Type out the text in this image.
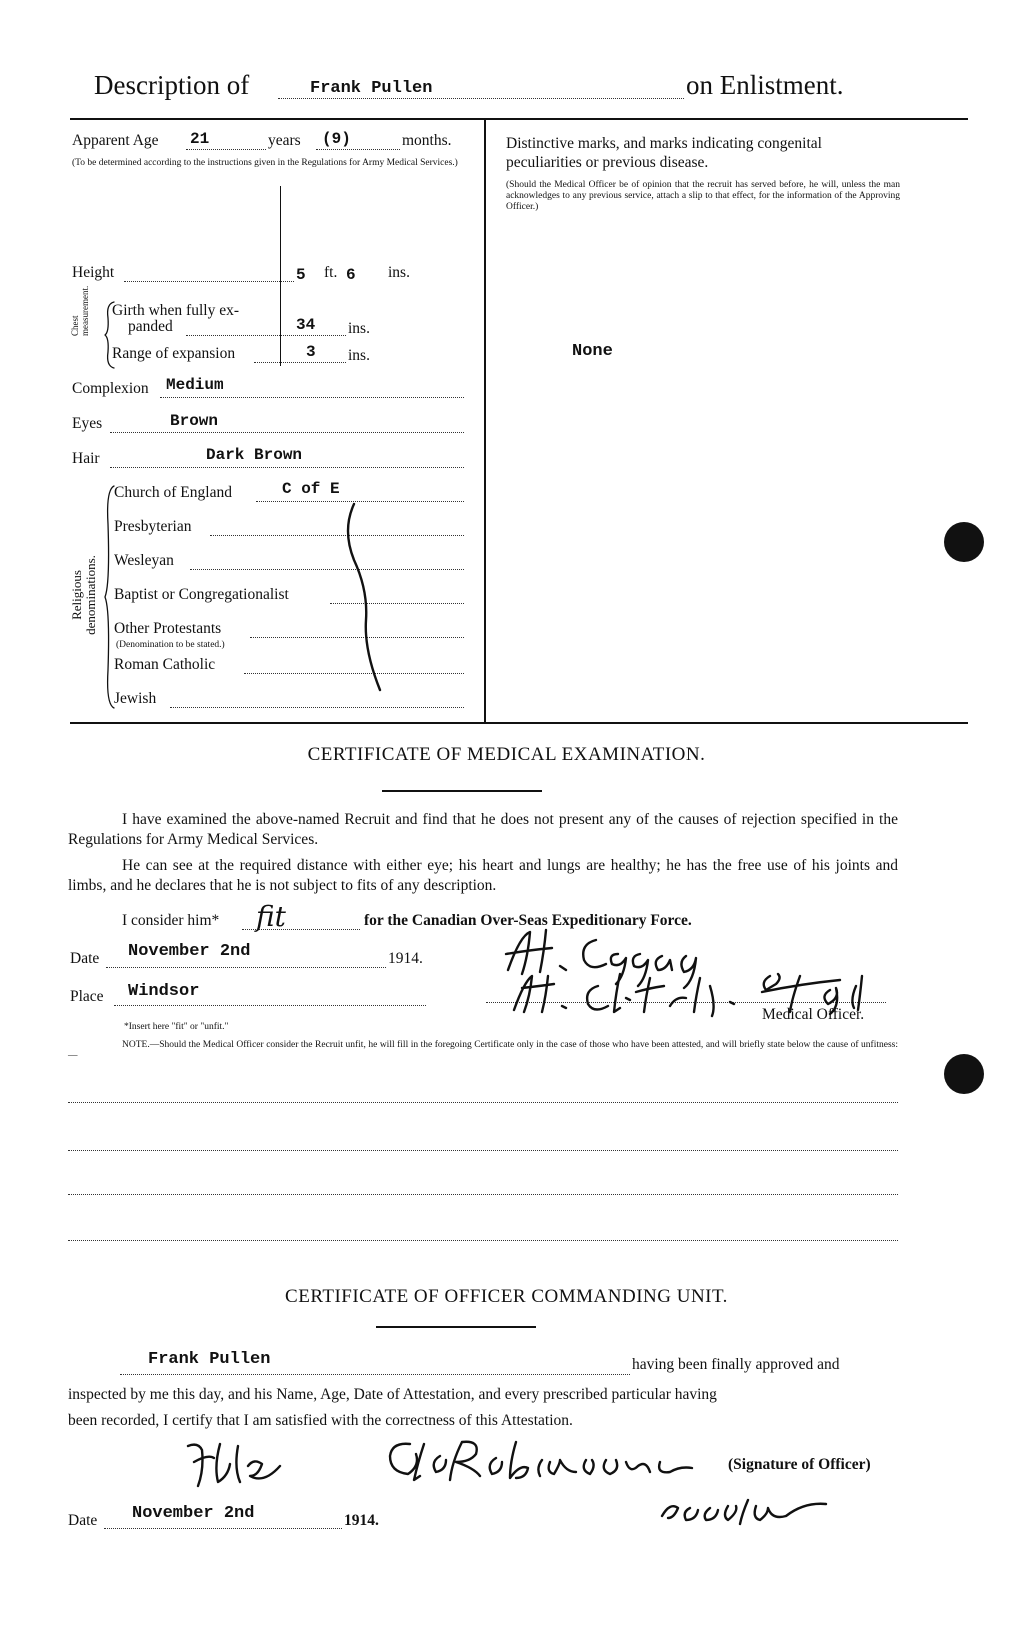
Description of	Frank Pullen	on Enlistment.
Apparent Age 21	years (9)	months.
(To be determined according to the instructions given in the Regulations for Army Medical Services.)
Height	5 ft. 6 ins.
Chest measurement. Girth when fully ex-
panded	34 ins.
Range of expansion	3 ins.
Complexion Medium
Eyes	Brown
Hair	Dark Brown
Religious denominations.
Church of England	C of E
Presbyterian
Wesleyan
Baptist or Congregationalist
Other Protestants
(Denomination to be stated.)
Roman Catholic
Jewish
Distinctive marks, and marks indicating congenital peculiarities or previous disease.
(Should the Medical Officer be of opinion that the recruit has served before, he will, unless the man acknowledges to any previous service, attach a slip to that effect, for the information of the Approving Officer.)
None
CERTIFICATE OF MEDICAL EXAMINATION.
I have examined the above-named Recruit and find that he does not present any of the causes of rejection specified in the Regulations for Army Medical Services.
He can see at the required distance with either eye; his heart and lungs are healthy; he has the free use of his joints and limbs, and he declares that he is not subject to fits of any description.
I consider him* fit	for the Canadian Over-Seas Expeditionary Force.
Date November 2nd	1914.
Place Windsor
Medical Officer.
*Insert here "fit" or "unfit."
NOTE.—Should the Medical Officer consider the Recruit unfit, he will fill in the foregoing Certificate only in the case of those who have been attested, and will briefly state below the cause of unfitness:—
CERTIFICATE OF OFFICER COMMANDING UNIT.
Frank Pullen	having been finally approved and
inspected by me this day, and his Name, Age, Date of Attestation, and every prescribed particular having
been recorded, I certify that I am satisfied with the correctness of this Attestation.
(Signature of Officer)
Date November 2nd	1914.
